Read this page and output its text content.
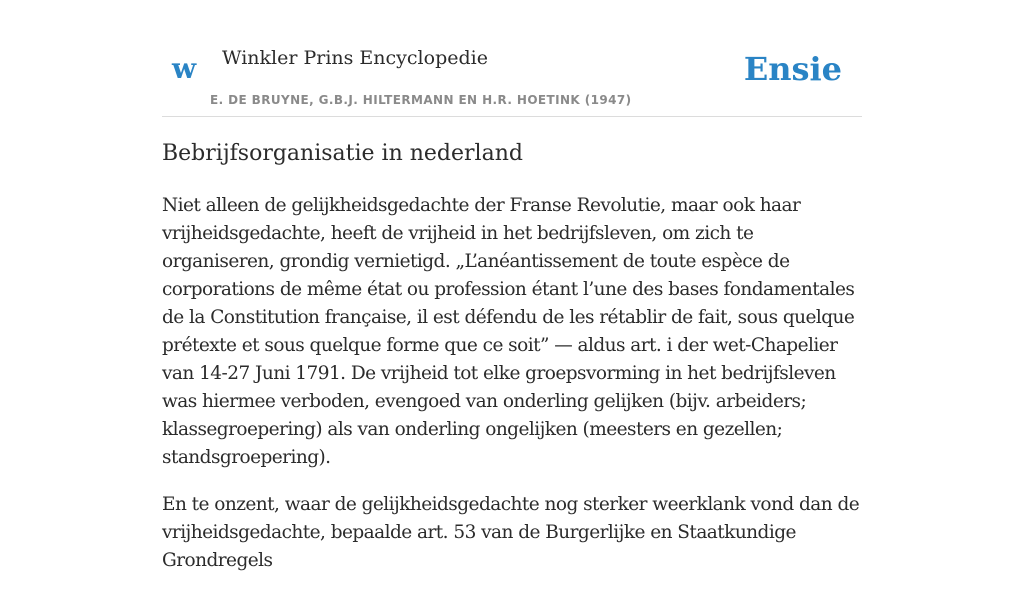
w Winkler Prins Encyclopedie
E. DE BRUYNE, G.B.J. HILTERMANN EN H.R. HOETINK (1947)
Ensie
Bebrijfsorganisatie in nederland

Niet alleen de gelijkheidsgedachte der Franse Revolutie, maar ook haar vrijheidsgedachte, heeft de vrijheid in het bedrijfsleven, om zich te organiseren, grondig vernietigd. „L’anéantissement de toute espèce de corporations de même état ou profession étant l’une des bases fondamentales de la Constitution française, il est défendu de les rétablir de fait, sous quelque prétexte et sous quelque forme que ce soit” — aldus art. i der wet-Chapelier van 14-27 Juni 1791. De vrijheid tot elke groepsvorming in het bedrijfsleven was hiermee verboden, evengoed van onderling gelijken (bijv. arbeiders; klassegroepering) als van onderling ongelijken (meesters en gezellen; standsgroepering).

En te onzent, waar de gelijkheidsgedachte nog sterker weerklank vond dan de vrijheidsgedachte, bepaalde art. 53 van de Burgerlijke en Staatkundige Grondregels
